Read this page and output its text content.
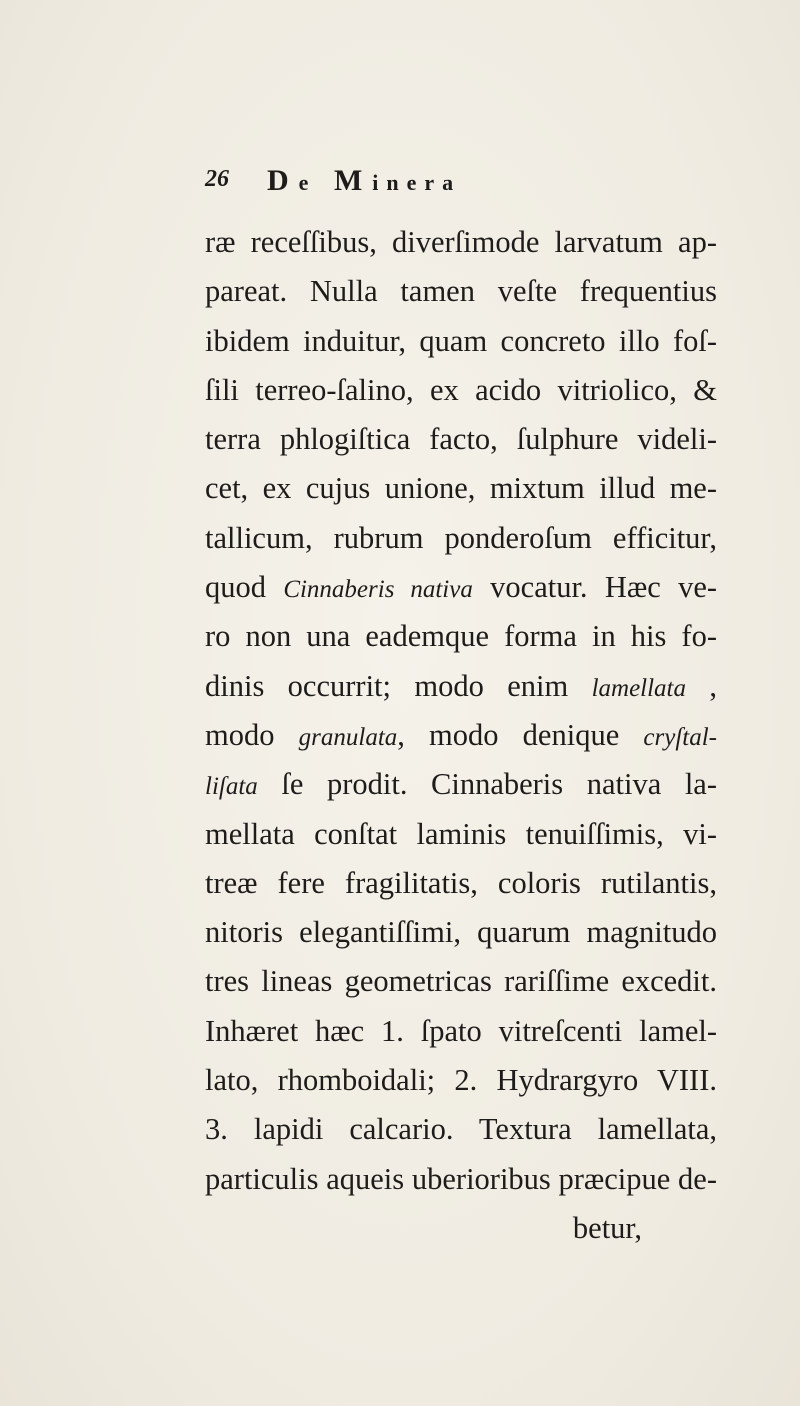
26 De Minera
ræ receſſibus, diverſimode larvatum ap-
pareat. Nulla tamen veſte frequentius
ibidem induitur, quam concreto illo foſ-
ſili terreo-ſalino, ex acido vitriolico, &
terra phlogiſtica facto, ſulphure videli-
cet, ex cujus unione, mixtum illud me-
tallicum, rubrum ponderoſum efficitur,
quod Cinnaberis nativa vocatur. Hæc ve-
ro non una eademque forma in his fo-
dinis occurrit; modo enim lamellata ,
modo granulata, modo denique cryſtal-
liſata ſe prodit. Cinnaberis nativa la-
mellata conſtat laminis tenuiſſimis, vi-
treæ fere fragilitatis, coloris rutilantis,
nitoris elegantiſſimi, quarum magnitudo
tres lineas geometricas rariſſime excedit.
Inhæret hæc 1. ſpato vitreſcenti lamel-
lato, rhomboidali; 2. Hydrargyro VIII.
3. lapidi calcario. Textura lamellata,
particulis aqueis uberioribus præcipue de-
betur,
